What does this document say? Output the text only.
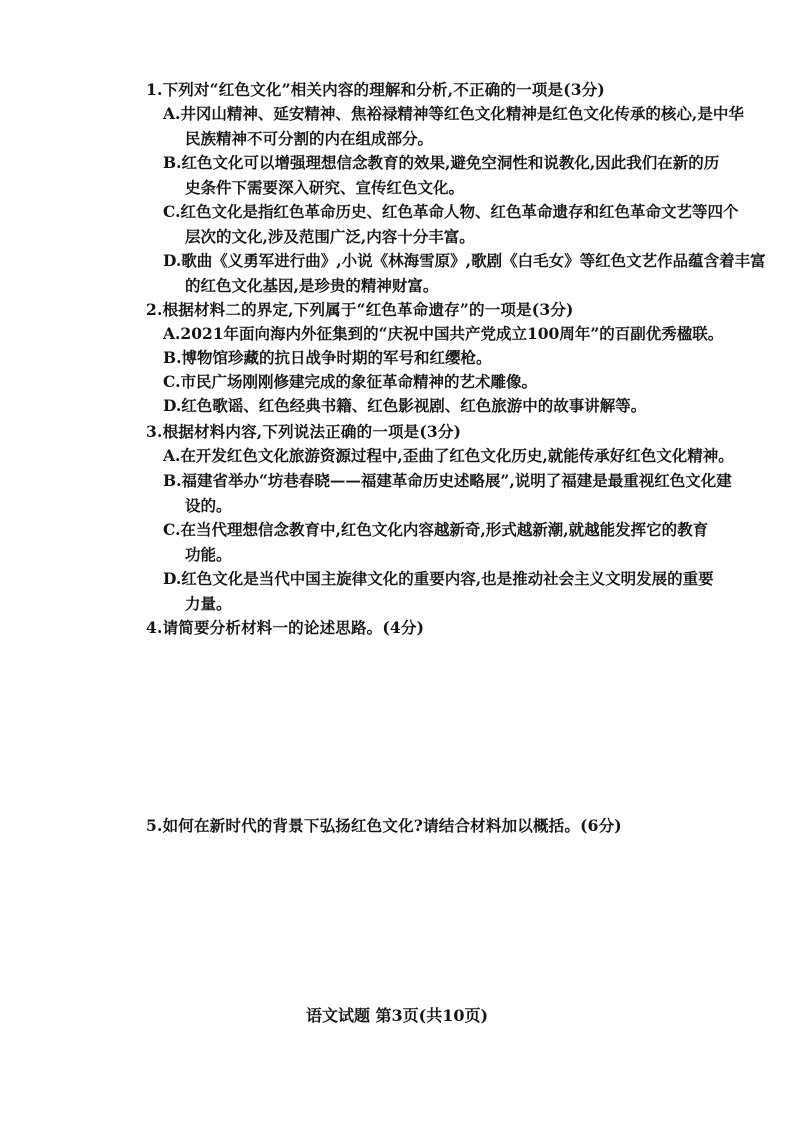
1.下列对“红色文化”相关内容的理解和分析,不正确的一项是(3分)
A.井冈山精神、延安精神、焦裕禄精神等红色文化精神是红色文化传承的核心,是中华
民族精神不可分割的内在组成部分。
B.红色文化可以增强理想信念教育的效果,避免空洞性和说教化,因此我们在新的历
史条件下需要深入研究、宣传红色文化。
C.红色文化是指红色革命历史、红色革命人物、红色革命遗存和红色革命文艺等四个
层次的文化,涉及范围广泛,内容十分丰富。
D.歌曲《义勇军进行曲》,小说《林海雪原》,歌剧《白毛女》等红色文艺作品蕴含着丰富
的红色文化基因,是珍贵的精神财富。
2.根据材料二的界定,下列属于“红色革命遗存”的一项是(3分)
A.2021年面向海内外征集到的“庆祝中国共产党成立100周年”的百副优秀楹联。
B.博物馆珍藏的抗日战争时期的军号和红缨枪。
C.市民广场刚刚修建完成的象征革命精神的艺术雕像。
D.红色歌谣、红色经典书籍、红色影视剧、红色旅游中的故事讲解等。
3.根据材料内容,下列说法正确的一项是(3分)
A.在开发红色文化旅游资源过程中,歪曲了红色文化历史,就能传承好红色文化精神。
B.福建省举办“坊巷春晓——福建革命历史述略展”,说明了福建是最重视红色文化建
设的。
C.在当代理想信念教育中,红色文化内容越新奇,形式越新潮,就越能发挥它的教育
功能。
D.红色文化是当代中国主旋律文化的重要内容,也是推动社会主义文明发展的重要
力量。
4.请简要分析材料一的论述思路。(4分)
5.如何在新时代的背景下弘扬红色文化?请结合材料加以概括。(6分)
语文试题 第3页(共10页)
